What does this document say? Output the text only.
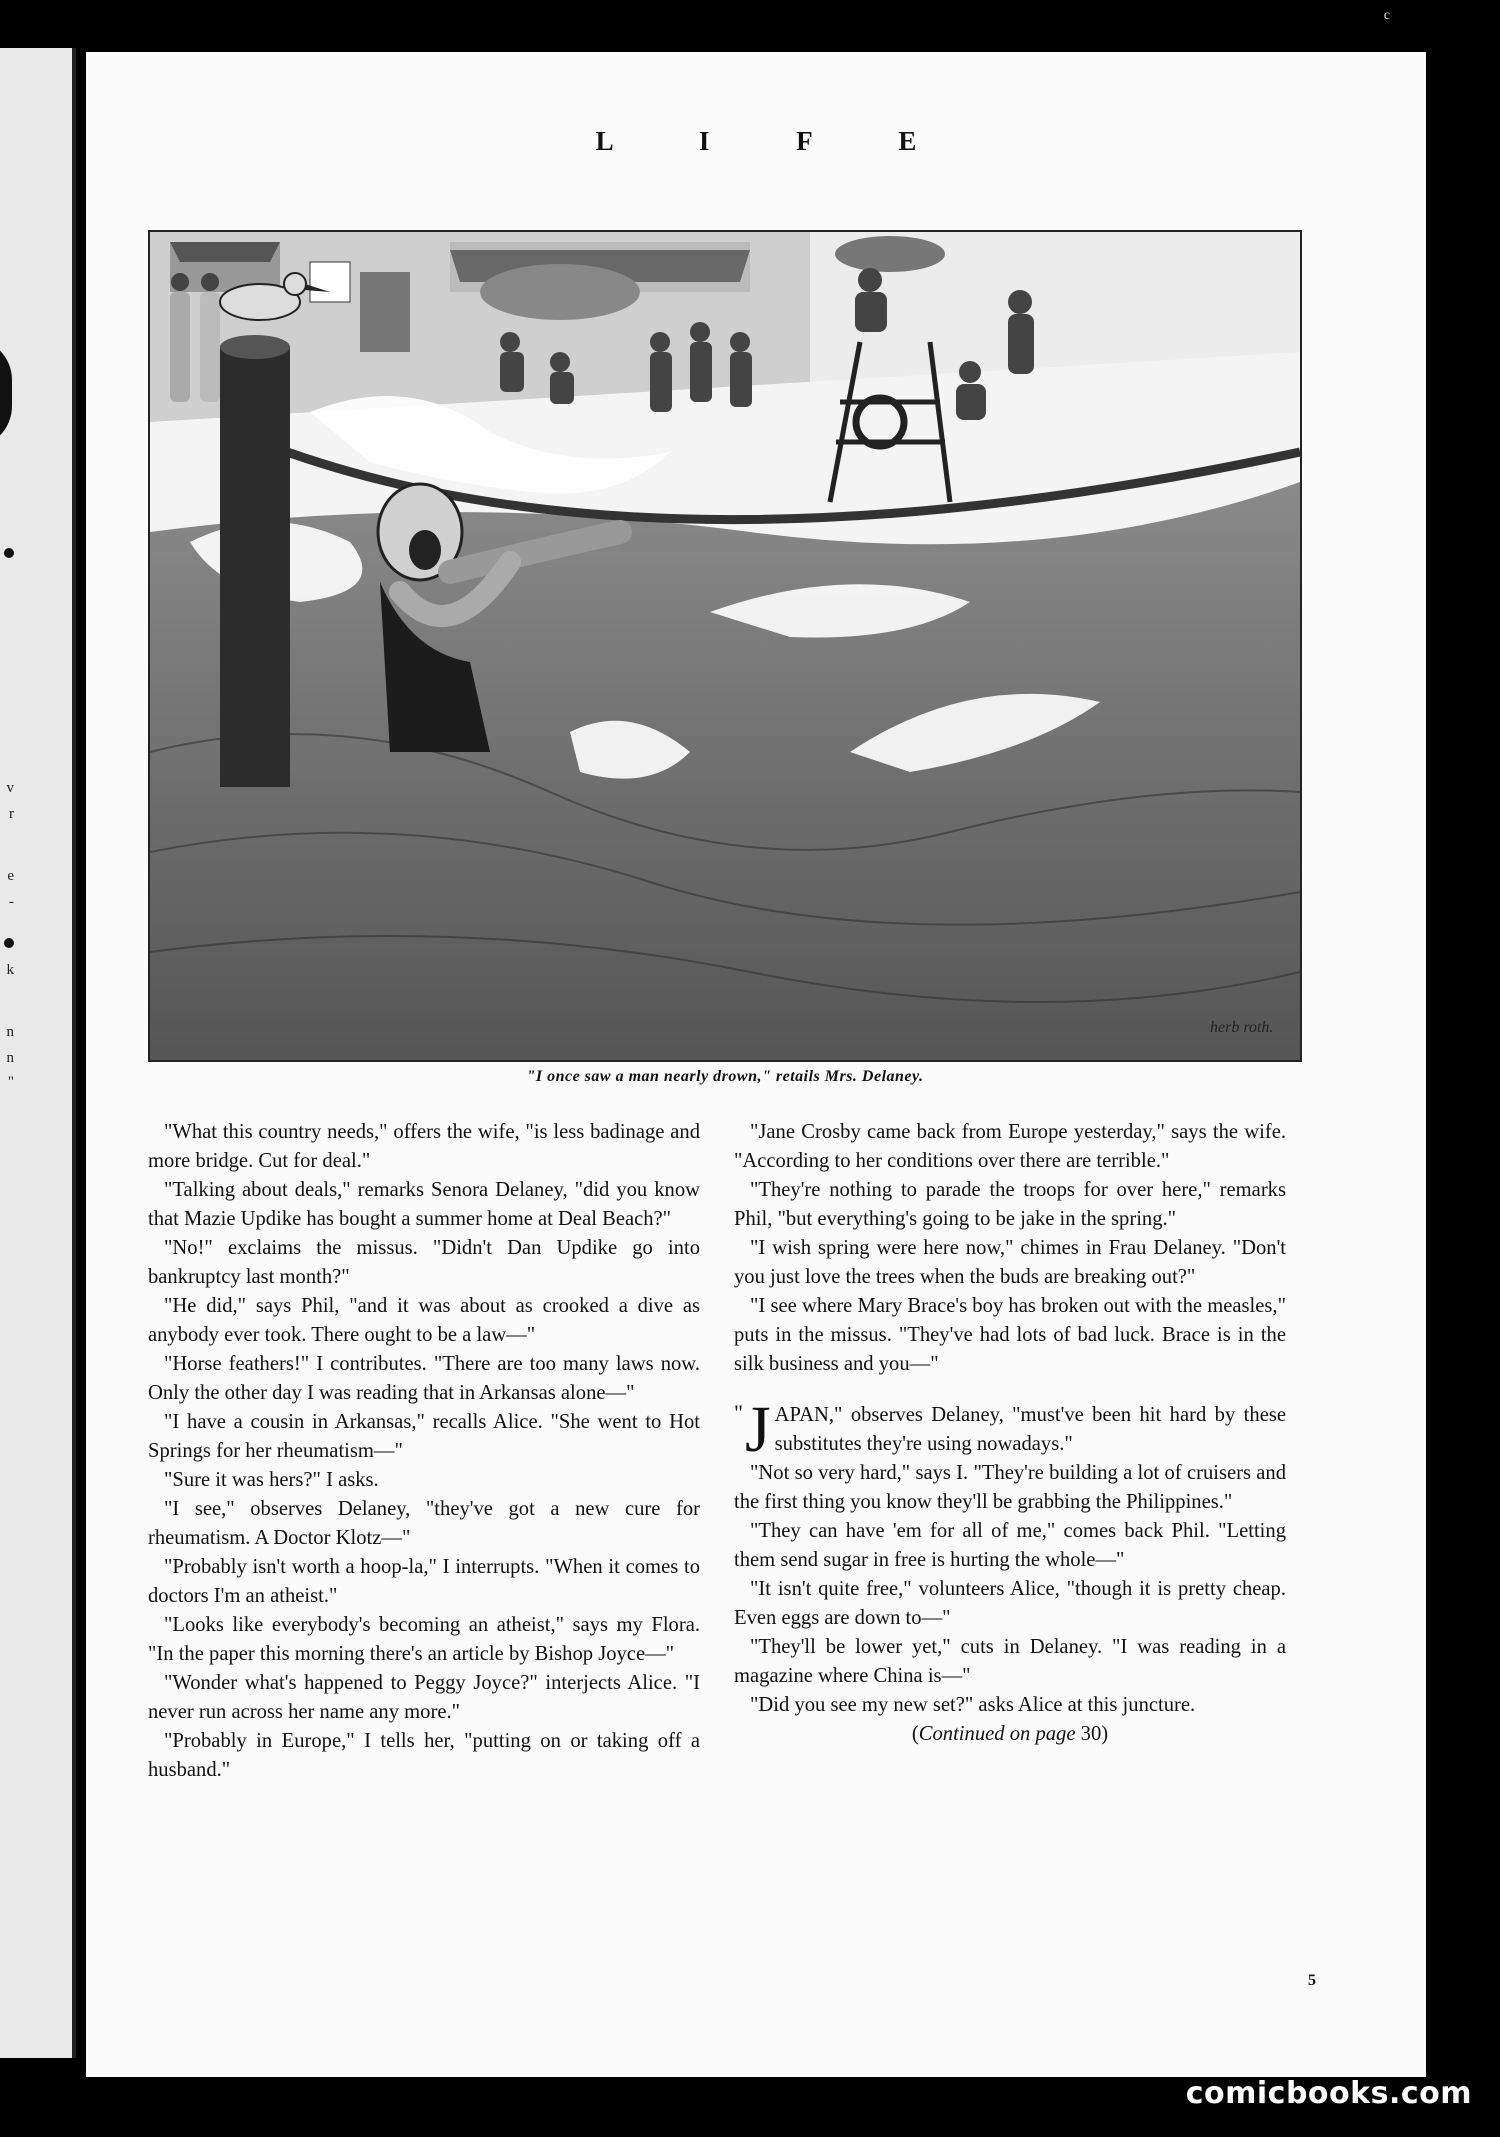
v
r
e
-
k
n
n
"
c
L I F E
herb roth.
"I once saw a man nearly drown," retails Mrs. Delaney.

"What this country needs," offers the wife, "is less badinage and more bridge. Cut for deal."

"Talking about deals," remarks Senora Delaney, "did you know that Mazie Updike has bought a summer home at Deal Beach?"

"No!" exclaims the missus. "Didn't Dan Updike go into bankruptcy last month?"

"He did," says Phil, "and it was about as crooked a dive as anybody ever took. There ought to be a law—"

"Horse feathers!" I contributes. "There are too many laws now. Only the other day I was reading that in Arkansas alone—"

"I have a cousin in Arkansas," recalls Alice. "She went to Hot Springs for her rheumatism—"

"Sure it was hers?" I asks.

"I see," observes Delaney, "they've got a new cure for rheumatism. A Doctor Klotz—"

"Probably isn't worth a hoop-la," I interrupts. "When it comes to doctors I'm an atheist."

"Looks like everybody's becoming an atheist," says my Flora. "In the paper this morning there's an article by Bishop Joyce—"

"Wonder what's happened to Peggy Joyce?" interjects Alice. "I never run across her name any more."

"Probably in Europe," I tells her, "putting on or taking off a husband."

"Jane Crosby came back from Europe yesterday," says the wife. "According to her conditions over there are terrible."

"They're nothing to parade the troops for over here," remarks Phil, "but everything's going to be jake in the spring."

"I wish spring were here now," chimes in Frau Delaney. "Don't you just love the trees when the buds are breaking out?"

"I see where Mary Brace's boy has broken out with the measles," puts in the missus. "They've had lots of bad luck. Brace is in the silk business and you—"

" J APAN," observes Delaney, "must've been hit hard by these substitutes they're using nowadays."

"Not so very hard," says I. "They're building a lot of cruisers and the first thing you know they'll be grabbing the Philippines."

"They can have 'em for all of me," comes back Phil. "Letting them send sugar in free is hurting the whole—"

"It isn't quite free," volunteers Alice, "though it is pretty cheap. Even eggs are down to—"

"They'll be lower yet," cuts in Delaney. "I was reading in a magazine where China is—"

"Did you see my new set?" asks Alice at this juncture.

(Continued on page 30)

5
comicbooks.com
